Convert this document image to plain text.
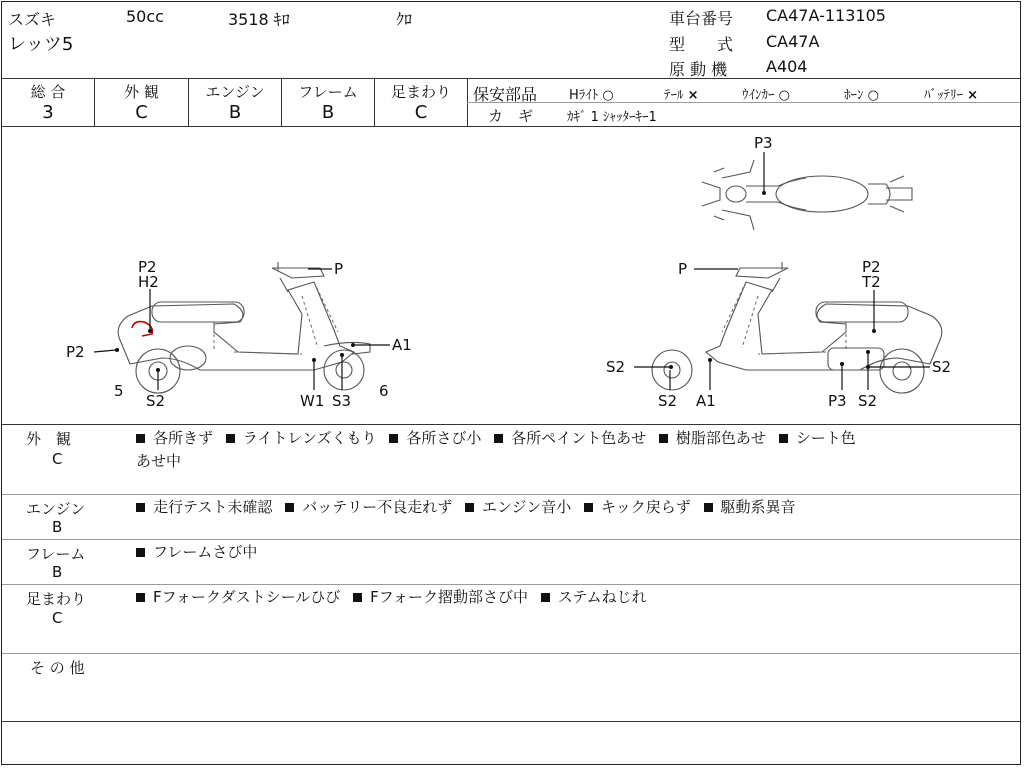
スズキ	50cc	3518 ｷﾛ	ｸﾛ
レッツ5
車台番号 CA47A-113105
型　　式 CA47A
原 動 機 A404
総 合
3
外 観
C
エンジン
B
フレーム
B
足まわり
C
保安部品 Hﾗｲﾄ ○	ﾃｰﾙ ×	ｳｲﾝｶｰ ○	ﾎｰﾝ ○	ﾊﾞｯﾃﾘｰ ×
カ　ギ	ｶｷﾞ 1 ｼｬｯﾀｰｷｰ1
P2
H2
P
P2	A1
5
S2	W1 S3
6
P3
P	P2
T2
S2	S2
S2 A1	P3 S2
外　観
C
各所きず ライトレンズくもり 各所さび小 各所ペイント色あせ 樹脂部色あせ シート色
あせ中
エンジン
B
走行テスト未確認 バッテリー不良走れず エンジン音小 キック戻らず 駆動系異音
フレーム
B
フレームさび中
足まわり
C
Fフォークダストシールひび Fフォーク摺動部さび中 ステムねじれ
そ の 他
